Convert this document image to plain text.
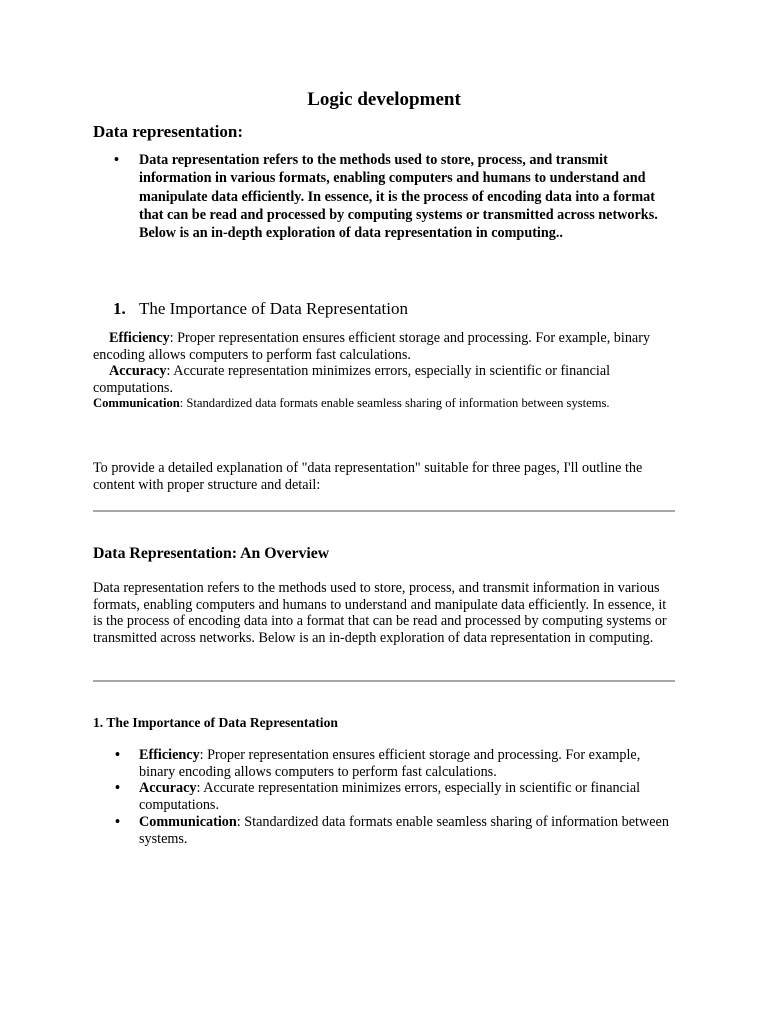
Logic development
Data representation:
• Data representation refers to the methods used to store, process, and transmit information in various formats, enabling computers and humans to understand and manipulate data efficiently. In essence, it is the process of encoding data into a format that can be read and processed by computing systems or transmitted across networks. Below is an in-depth exploration of data representation in computing..
1. The Importance of Data Representation
Efficiency: Proper representation ensures efficient storage and processing. For example, binary encoding allows computers to perform fast calculations.
Accuracy: Accurate representation minimizes errors, especially in scientific or financial computations.
Communication: Standardized data formats enable seamless sharing of information between systems.
To provide a detailed explanation of "data representation" suitable for three pages, I'll outline the content with proper structure and detail:
Data Representation: An Overview
Data representation refers to the methods used to store, process, and transmit information in various formats, enabling computers and humans to understand and manipulate data efficiently. In essence, it is the process of encoding data into a format that can be read and processed by computing systems or transmitted across networks. Below is an in-depth exploration of data representation in computing.
1. The Importance of Data Representation
• Efficiency: Proper representation ensures efficient storage and processing. For example, binary encoding allows computers to perform fast calculations.
• Accuracy: Accurate representation minimizes errors, especially in scientific or financial computations.
• Communication: Standardized data formats enable seamless sharing of information between systems.
